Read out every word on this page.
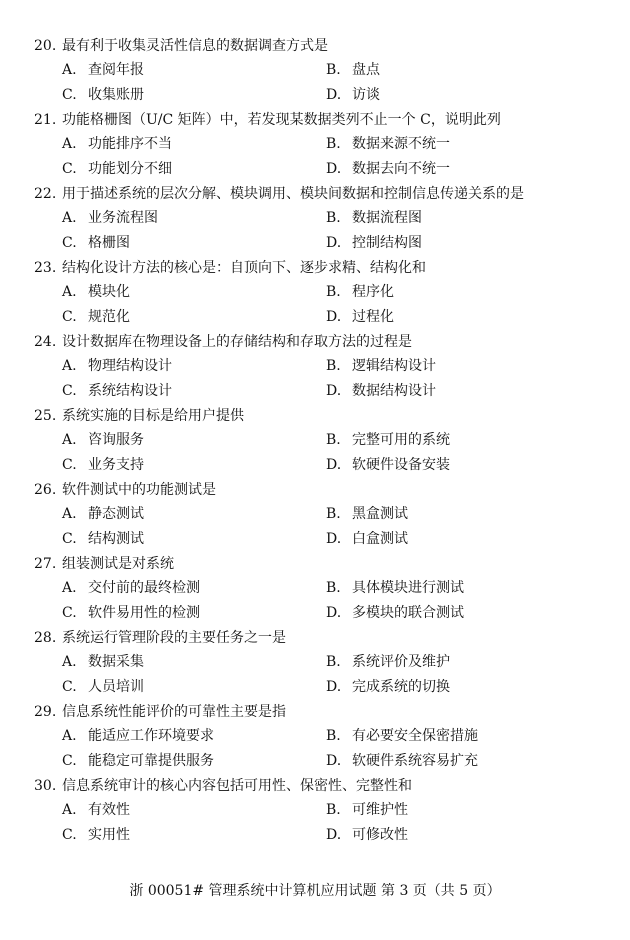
20. 最有利于收集灵活性信息的数据调查方式是
A. 查阅年报	B. 盘点
C. 收集账册	D. 访谈
21. 功能格栅图（U/C 矩阵）中，若发现某数据类列不止一个 C，说明此列
A. 功能排序不当	B. 数据来源不统一
C. 功能划分不细	D. 数据去向不统一
22. 用于描述系统的层次分解、模块调用、模块间数据和控制信息传递关系的是
A. 业务流程图	B. 数据流程图
C. 格栅图	D. 控制结构图
23. 结构化设计方法的核心是：自顶向下、逐步求精、结构化和
A. 模块化	B. 程序化
C. 规范化	D. 过程化
24. 设计数据库在物理设备上的存储结构和存取方法的过程是
A. 物理结构设计	B. 逻辑结构设计
C. 系统结构设计	D. 数据结构设计
25. 系统实施的目标是给用户提供
A. 咨询服务	B. 完整可用的系统
C. 业务支持	D. 软硬件设备安装
26. 软件测试中的功能测试是
A. 静态测试	B. 黑盒测试
C. 结构测试	D. 白盒测试
27. 组装测试是对系统
A. 交付前的最终检测	B. 具体模块进行测试
C. 软件易用性的检测	D. 多模块的联合测试
28. 系统运行管理阶段的主要任务之一是
A. 数据采集	B. 系统评价及维护
C. 人员培训	D. 完成系统的切换
29. 信息系统性能评价的可靠性主要是指
A. 能适应工作环境要求	B. 有必要安全保密措施
C. 能稳定可靠提供服务	D. 软硬件系统容易扩充
30. 信息系统审计的核心内容包括可用性、保密性、完整性和
A. 有效性	B. 可维护性
C. 实用性	D. 可修改性
浙 00051# 管理系统中计算机应用试题 第 3 页（共 5 页）
